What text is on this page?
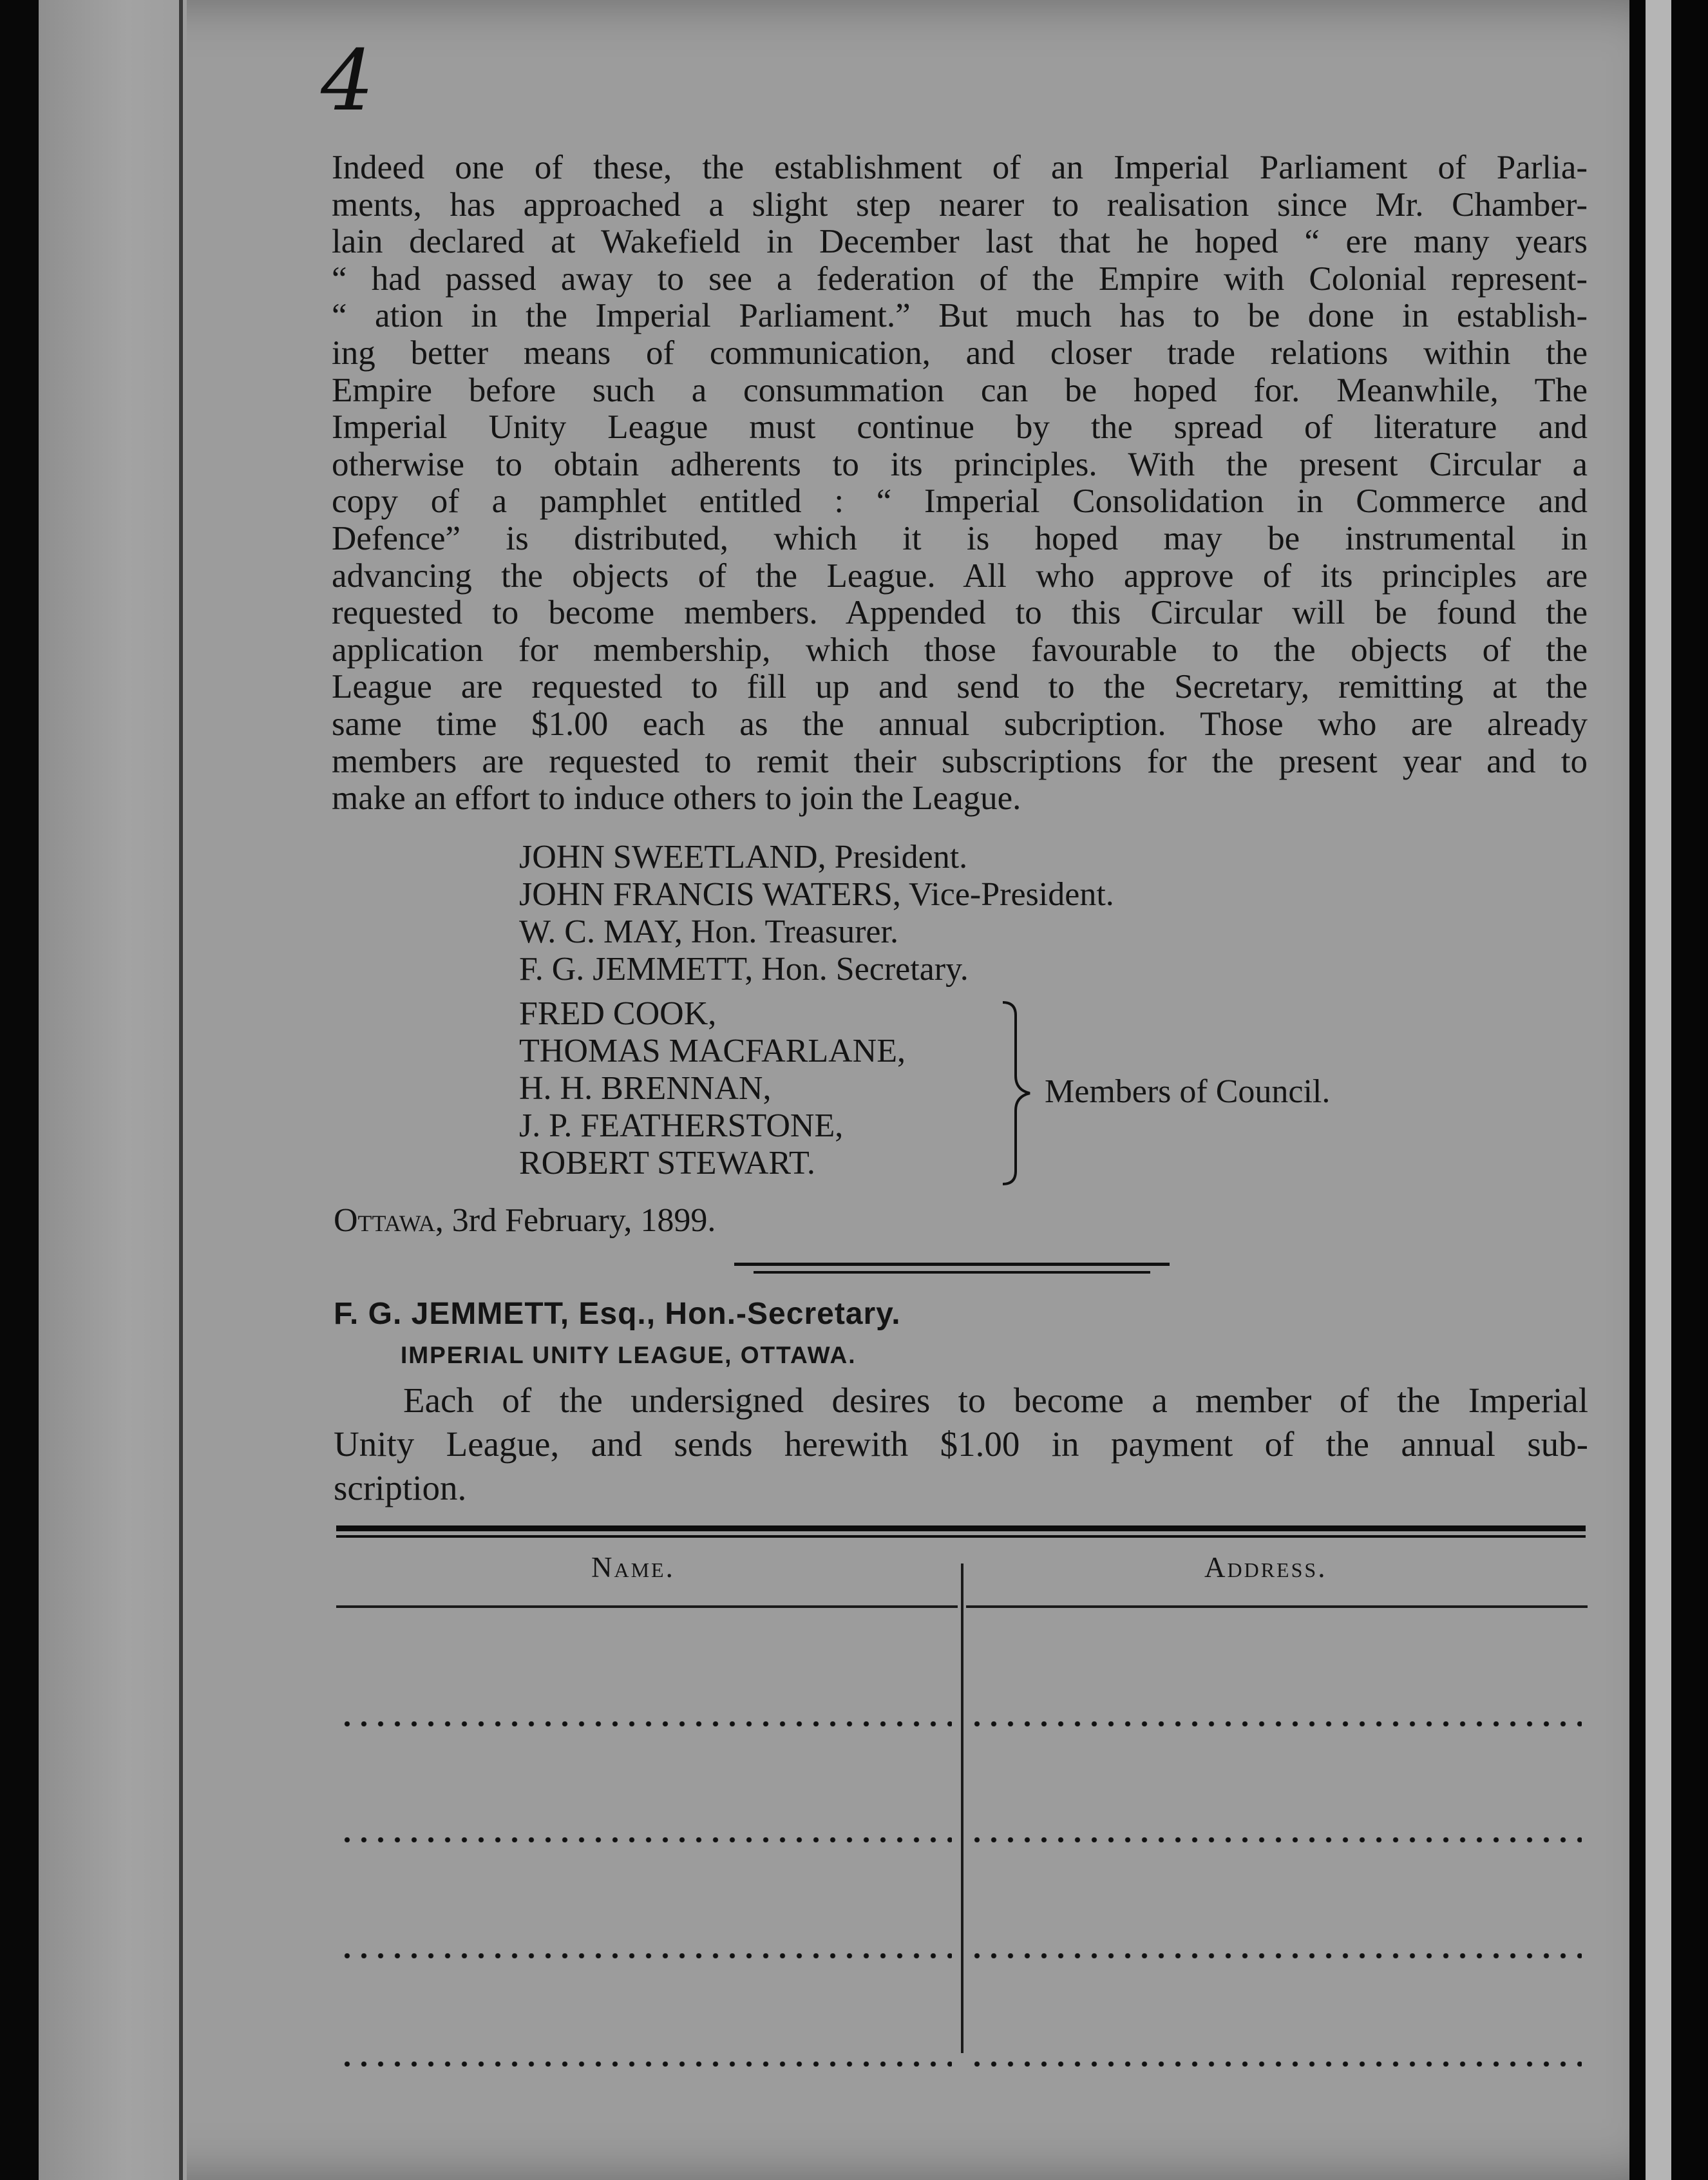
4
Indeed one of these, the establishment of an Imperial Parliament of Parlia-
ments, has approached a slight step nearer to realisation since Mr. Chamber-
lain declared at Wakefield in December last that he hoped “ ere many years
“ had passed away to see a federation of the Empire with Colonial represent-
“ ation in the Imperial Parliament.” But much has to be done in establish-
ing better means of communication, and closer trade relations within the
Empire before such a consummation can be hoped for. Meanwhile, The
Imperial Unity League must continue by the spread of literature and
otherwise to obtain adherents to its principles. With the present Circular a
copy of a pamphlet entitled : “ Imperial Consolidation in Commerce and
Defence” is distributed, which it is hoped may be instrumental in
advancing the objects of the League. All who approve of its principles are
requested to become members. Appended to this Circular will be found the
application for membership, which those favourable to the objects of the
League are requested to fill up and send to the Secretary, remitting at the
same time $1.00 each as the annual subcription. Those who are already
members are requested to remit their subscriptions for the present year and to
make an effort to induce others to join the League.
JOHN SWEETLAND, President.
JOHN FRANCIS WATERS, Vice-President.
W. C. MAY, Hon. Treasurer.
F. G. JEMMETT, Hon. Secretary.
FRED COOK,
THOMAS MACFARLANE,
H. H. BRENNAN,
J. P. FEATHERSTONE,
ROBERT STEWART.
Members of Council.
Ottawa, 3rd February, 1899.
F. G. JEMMETT, Esq., Hon.-Secretary.
IMPERIAL UNITY LEAGUE, OTTAWA.
Each of the undersigned desires to become a member of the Imperial
Unity League, and sends herewith $1.00 in payment of the annual sub-
scription.
Name.	Address.
